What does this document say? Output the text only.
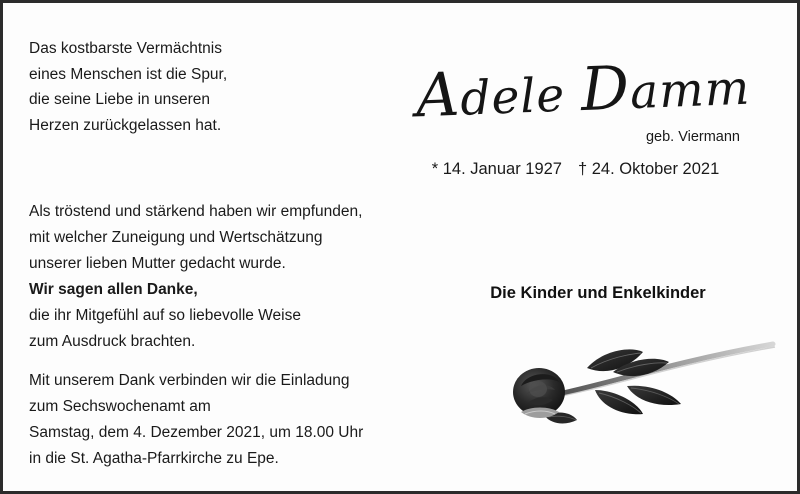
Das kostbarste Vermächtnis
eines Menschen ist die Spur,
die seine Liebe in unseren
Herzen zurückgelassen hat.	Adele Damm
geb. Viermann
* 14. Januar 1927 † 24. Oktober 2021
Als tröstend und stärkend haben wir empfunden,
mit welcher Zuneigung und Wertschätzung
unserer lieben Mutter gedacht wurde.
Wir sagen allen Danke,
die ihr Mitgefühl auf so liebevolle Weise
zum Ausdruck brachten.
Mit unserem Dank verbinden wir die Einladung
zum Sechswochenamt am
Samstag, dem 4. Dezember 2021, um 18.00 Uhr
in die St. Agatha-Pfarrkirche zu Epe.
Die Kinder und Enkelkinder
